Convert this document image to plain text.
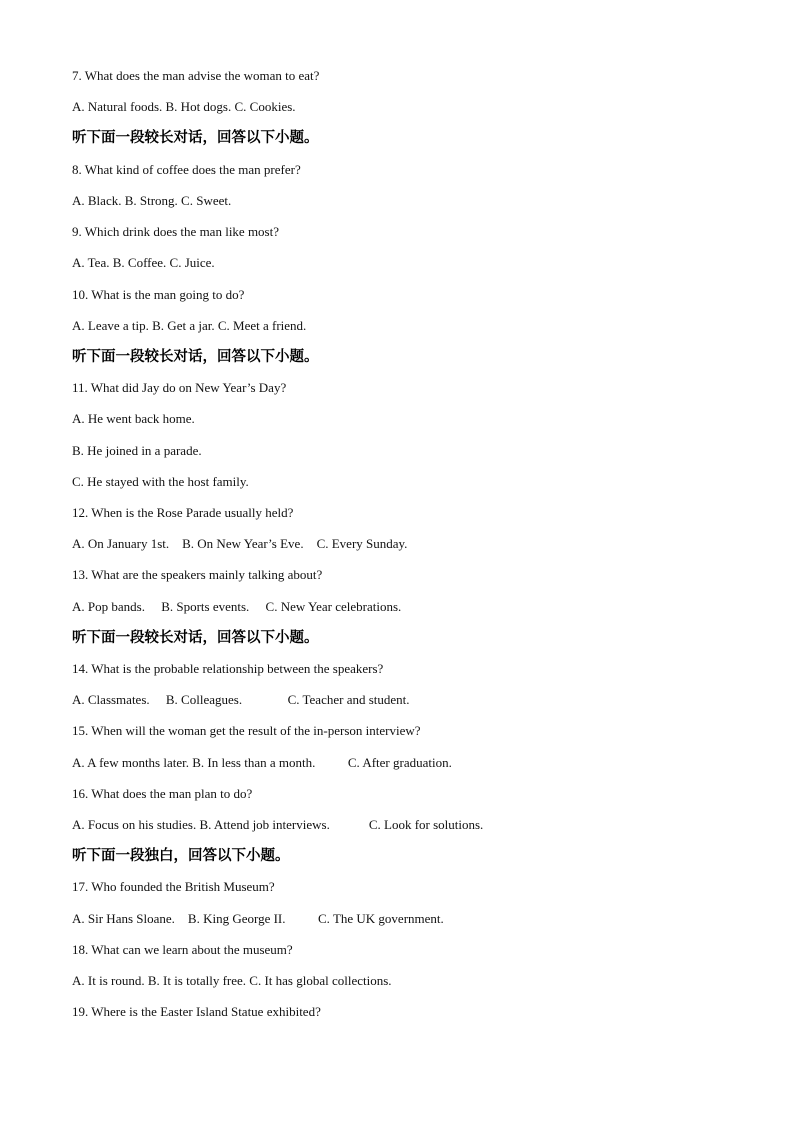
7. What does the man advise the woman to eat?
A. Natural foods. B. Hot dogs. C. Cookies.
听下面一段较长对话，回答以下小题。
8. What kind of coffee does the man prefer?
A. Black. B. Strong. C. Sweet.
9. Which drink does the man like most?
A. Tea. B. Coffee. C. Juice.
10. What is the man going to do?
A. Leave a tip. B. Get a jar. C. Meet a friend.
听下面一段较长对话，回答以下小题。
11. What did Jay do on New Year’s Day?
A. He went back home.
B. He joined in a parade.
C. He stayed with the host family.
12. When is the Rose Parade usually held?
A. On January 1st.    B. On New Year’s Eve.    C. Every Sunday.
13. What are the speakers mainly talking about?
A. Pop bands.     B. Sports events.     C. New Year celebrations.
听下面一段较长对话，回答以下小题。
14. What is the probable relationship between the speakers?
A. Classmates.     B. Colleagues.              C. Teacher and student.
15. When will the woman get the result of the in-person interview?
A. A few months later. B. In less than a month.          C. After graduation.
16. What does the man plan to do?
A. Focus on his studies. B. Attend job interviews.            C. Look for solutions.
听下面一段独白，回答以下小题。
17. Who founded the British Museum?
A. Sir Hans Sloane.    B. King George II.          C. The UK government.
18. What can we learn about the museum?
A. It is round. B. It is totally free. C. It has global collections.
19. Where is the Easter Island Statue exhibited?
